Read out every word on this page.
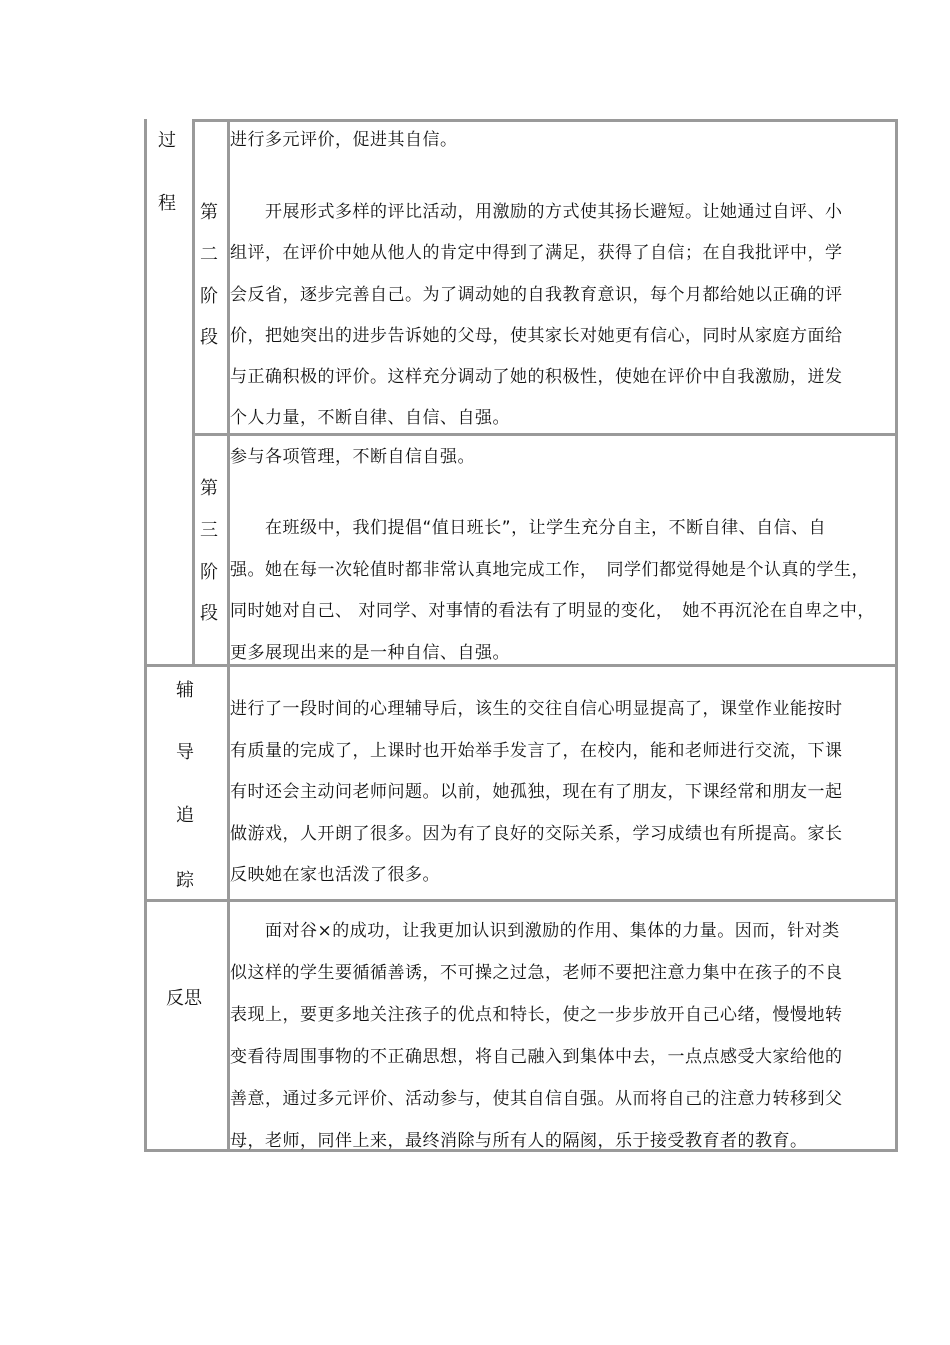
过
程 第
二
阶
段
进行多元评价，促进其自信。
　　开展形式多样的评比活动，用激励的方式使其扬长避短。让她通过自评、小
组评，在评价中她从他人的肯定中得到了满足，获得了自信；在自我批评中，学
会反省，逐步完善自己。为了调动她的自我教育意识，每个月都给她以正确的评
价，把她突出的进步告诉她的父母，使其家长对她更有信心，同时从家庭方面给
与正确积极的评价。这样充分调动了她的积极性，使她在评价中自我激励，迸发
个人力量，不断自律、自信、自强。
第
三
阶
段
参与各项管理，不断自信自强。
　　在班级中，我们提倡“值日班长”，让学生充分自主，不断自律、自信、自
强。她在每一次轮值时都非常认真地完成工作，　同学们都觉得她是个认真的学生，
同时她对自己、 对同学、对事情的看法有了明显的变化，　她不再沉沦在自卑之中，
更多展现出来的是一种自信、自强。
辅
导
追
踪
进行了一段时间的心理辅导后，该生的交往自信心明显提高了，课堂作业能按时
有质量的完成了，上课时也开始举手发言了，在校内，能和老师进行交流，下课
有时还会主动问老师问题。以前，她孤独，现在有了朋友，下课经常和朋友一起
做游戏，人开朗了很多。因为有了良好的交际关系，学习成绩也有所提高。家长
反映她在家也活泼了很多。
反思
　　面对谷×的成功，让我更加认识到激励的作用、集体的力量。因而，针对类
似这样的学生要循循善诱，不可操之过急，老师不要把注意力集中在孩子的不良
表现上，要更多地关注孩子的优点和特长，使之一步步放开自己心绪，慢慢地转
变看待周围事物的不正确思想，将自己融入到集体中去，一点点感受大家给他的
善意，通过多元评价、活动参与，使其自信自强。从而将自己的注意力转移到父
母，老师，同伴上来，最终消除与所有人的隔阂，乐于接受教育者的教育。
